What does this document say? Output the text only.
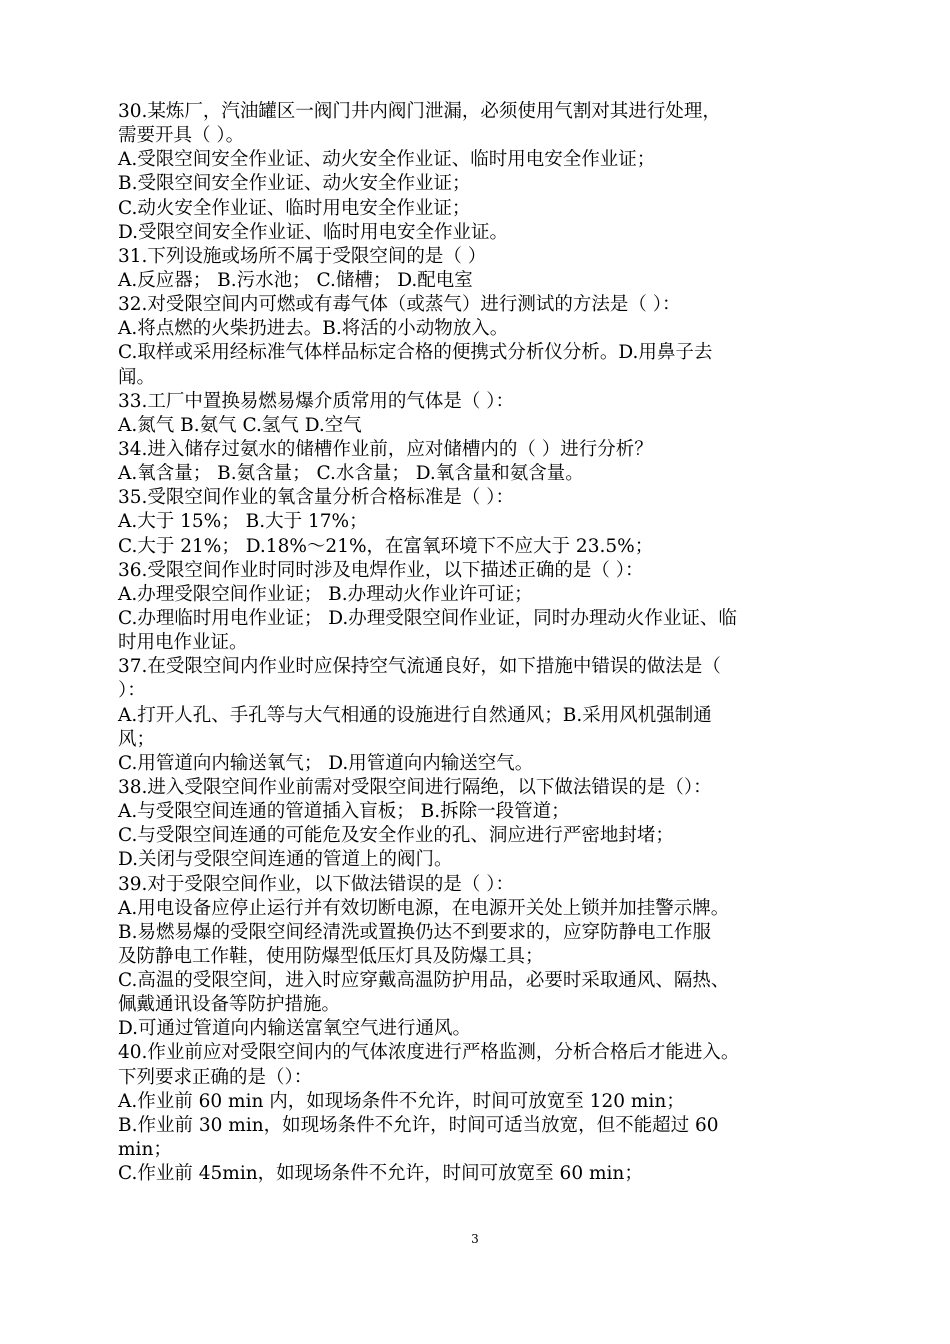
30.某炼厂，汽油罐区一阀门井内阀门泄漏，必须使用气割对其进行处理，
需要开具（ ）。
A.受限空间安全作业证、动火安全作业证、临时用电安全作业证；
B.受限空间安全作业证、动火安全作业证；
C.动火安全作业证、临时用电安全作业证；
D.受限空间安全作业证、临时用电安全作业证。
31.下列设施或场所不属于受限空间的是（ ）
A.反应器； B.污水池； C.储槽； D.配电室
32.对受限空间内可燃或有毒气体（或蒸气）进行测试的方法是（ ）：
A.将点燃的火柴扔进去。B.将活的小动物放入。
C.取样或采用经标准气体样品标定合格的便携式分析仪分析。D.用鼻子去
闻。
33.工厂中置换易燃易爆介质常用的气体是（ ）：
A.氮气 B.氨气 C.氢气 D.空气
34.进入储存过氨水的储槽作业前，应对储槽内的（ ）进行分析？
A.氧含量； B.氨含量； C.水含量； D.氧含量和氨含量。
35.受限空间作业的氧含量分析合格标准是（ ）：
A.大于 15%； B.大于 17%；
C.大于 21%； D.18%～21%，在富氧环境下不应大于 23.5%；
36.受限空间作业时同时涉及电焊作业，以下描述正确的是（ ）：
A.办理受限空间作业证； B.办理动火作业许可证；
C.办理临时用电作业证； D.办理受限空间作业证，同时办理动火作业证、临
时用电作业证。
37.在受限空间内作业时应保持空气流通良好，如下措施中错误的做法是（
）：
A.打开人孔、手孔等与大气相通的设施进行自然通风；B.采用风机强制通
风；
C.用管道向内输送氧气； D.用管道向内输送空气。
38.进入受限空间作业前需对受限空间进行隔绝，以下做法错误的是（）：
A.与受限空间连通的管道插入盲板； B.拆除一段管道；
C.与受限空间连通的可能危及安全作业的孔、洞应进行严密地封堵；
D.关闭与受限空间连通的管道上的阀门。
39.对于受限空间作业，以下做法错误的是（ ）：
A.用电设备应停止运行并有效切断电源，在电源开关处上锁并加挂警示牌。
B.易燃易爆的受限空间经清洗或置换仍达不到要求的，应穿防静电工作服
及防静电工作鞋，使用防爆型低压灯具及防爆工具；
C.高温的受限空间，进入时应穿戴高温防护用品，必要时采取通风、隔热、
佩戴通讯设备等防护措施。
D.可通过管道向内输送富氧空气进行通风。
40.作业前应对受限空间内的气体浓度进行严格监测，分析合格后才能进入。
下列要求正确的是（）：
A.作业前 60 min 内，如现场条件不允许，时间可放宽至 120 min；
B.作业前 30 min，如现场条件不允许，时间可适当放宽，但不能超过 60
min；
C.作业前 45min，如现场条件不允许，时间可放宽至 60 min；
3
